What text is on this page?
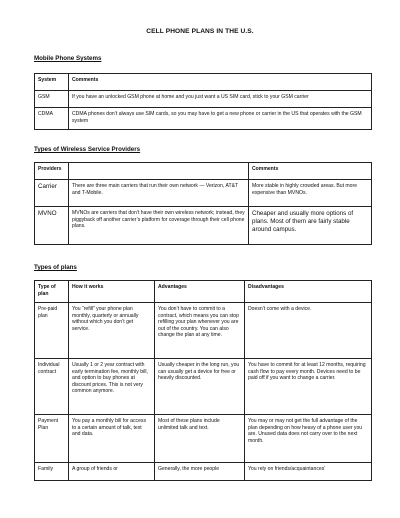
CELL PHONE PLANS IN THE U.S.
Mobile Phone Systems
System	Comments
GSM	If you have an unlocked GSM phone at home and you just want a US SIM card, stick to your GSM carrier
CDMA	CDMA phones don’t always use SIM cards, so you may have to get a new phone or carrier in the US that operates with the GSM system
Types of Wireless Service Providers
Providers		Comments
Carrier	There are three main carriers that run their own network — Verizon, AT&T and T-Mobile.	More stable in highly crowded areas. But more expensive than MVNOs.
MVNO	MVNOs are carriers that don’t have their own wireless network; instead, they piggyback off another carrier’s platform for coverage through their cell phone plans.	Cheaper and usually more options of plans. Most of them are fairly stable around campus.
Types of plans
Type of plan	How it works	Advantages	Disadvantages
Pre-paid plan	You “refill” your phone plan monthly, quarterly or annually without which you don’t get service.	You don’t have to commit to a contract, which means you can stop refilling your plan whenever you are out of the country. You can also change the plan at any time.	Doesn’t come with a device.
Individual contract	Usually 1 or 2 year contract with early termination fee, monthly bill, and option to buy phones at discount prices. This is not very common anymore.	Usually cheaper in the long run, you can usually get a device for free or heavily discounted.	You have to commit for at least 12 months, requiring cash flow to pay every month. Devices need to be paid off if you want to change a carrier.
Payment Plan	You pay a monthly bill for access to a certain amount of talk, text and data.	Most of these plans include unlimited talk and text.	You may or may not get the full advantage of the plan depending on how heavy of a phone user you are. Unused data does not carry over to the next month.
Family	A group of friends or	Generally, the more people	You rely on friends/acquaintances’
